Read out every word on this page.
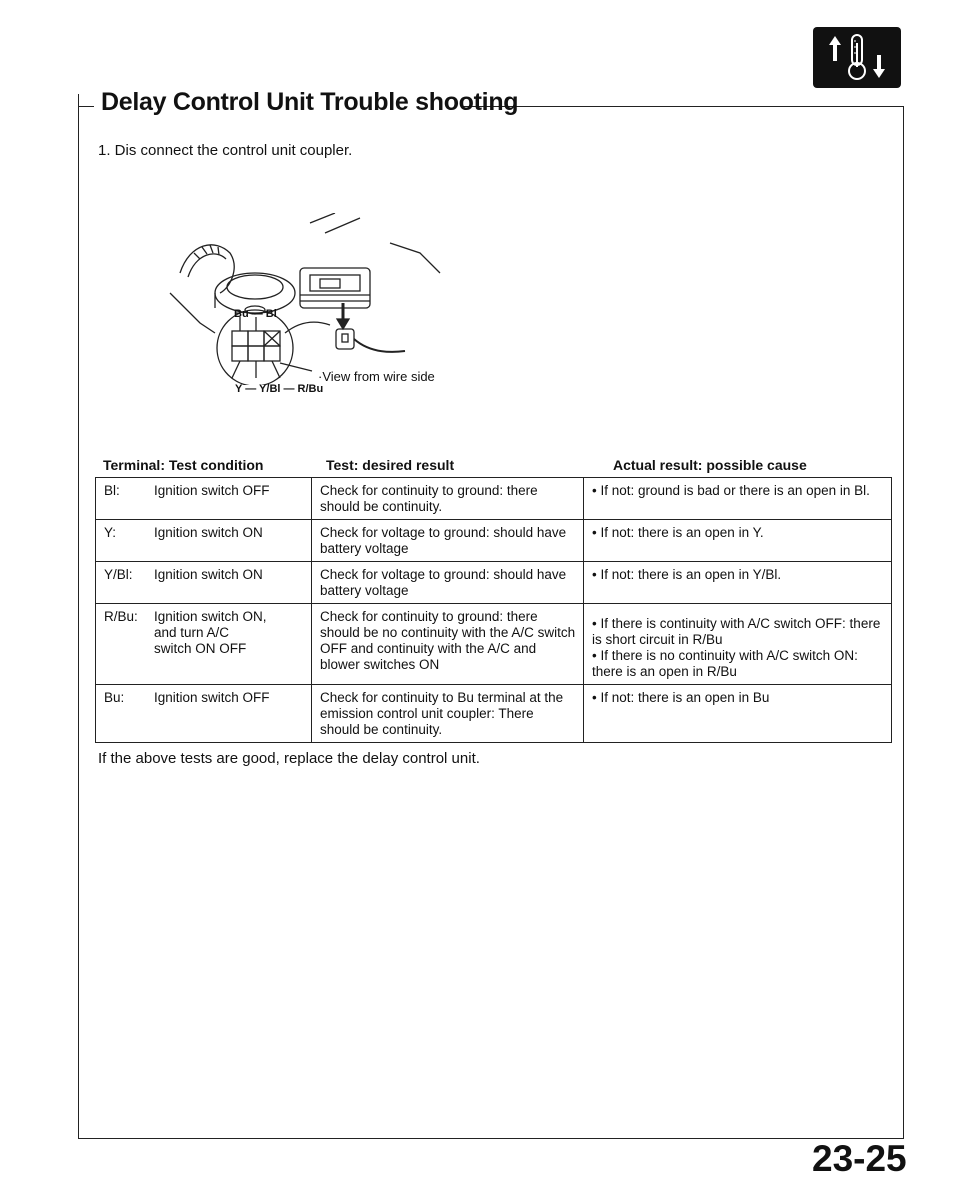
Delay Control Unit Trouble shooting
1. Dis connect the control unit coupler.
Bu — Bl
·View from wire side
Y — Y/Bl — R/Bu
Terminal: Test condition	Test: desired result	Actual result: possible cause
Bl: Ignition switch OFF	Check for continuity to ground: there should be continuity.	• If not: ground is bad or there is an open in Bl.
Y: Ignition switch ON	Check for voltage to ground: should have battery voltage	• If not: there is an open in Y.
Y/Bl: Ignition switch ON	Check for voltage to ground: should have battery voltage	• If not: there is an open in Y/Bl.
R/Bu: Ignition switch ON,
and turn A/C
switch ON OFF	Check for continuity to ground: there should be no continuity with the A/C switch OFF and continuity with the A/C and blower switches ON	• If there is continuity with A/C switch OFF: there is short circuit in R/Bu
• If there is no continuity with A/C switch ON: there is an open in R/Bu
Bu: Ignition switch OFF	Check for continuity to Bu terminal at the emission control unit coupler: There should be continuity.	• If not: there is an open in Bu
If the above tests are good, replace the delay control unit.
23-25
